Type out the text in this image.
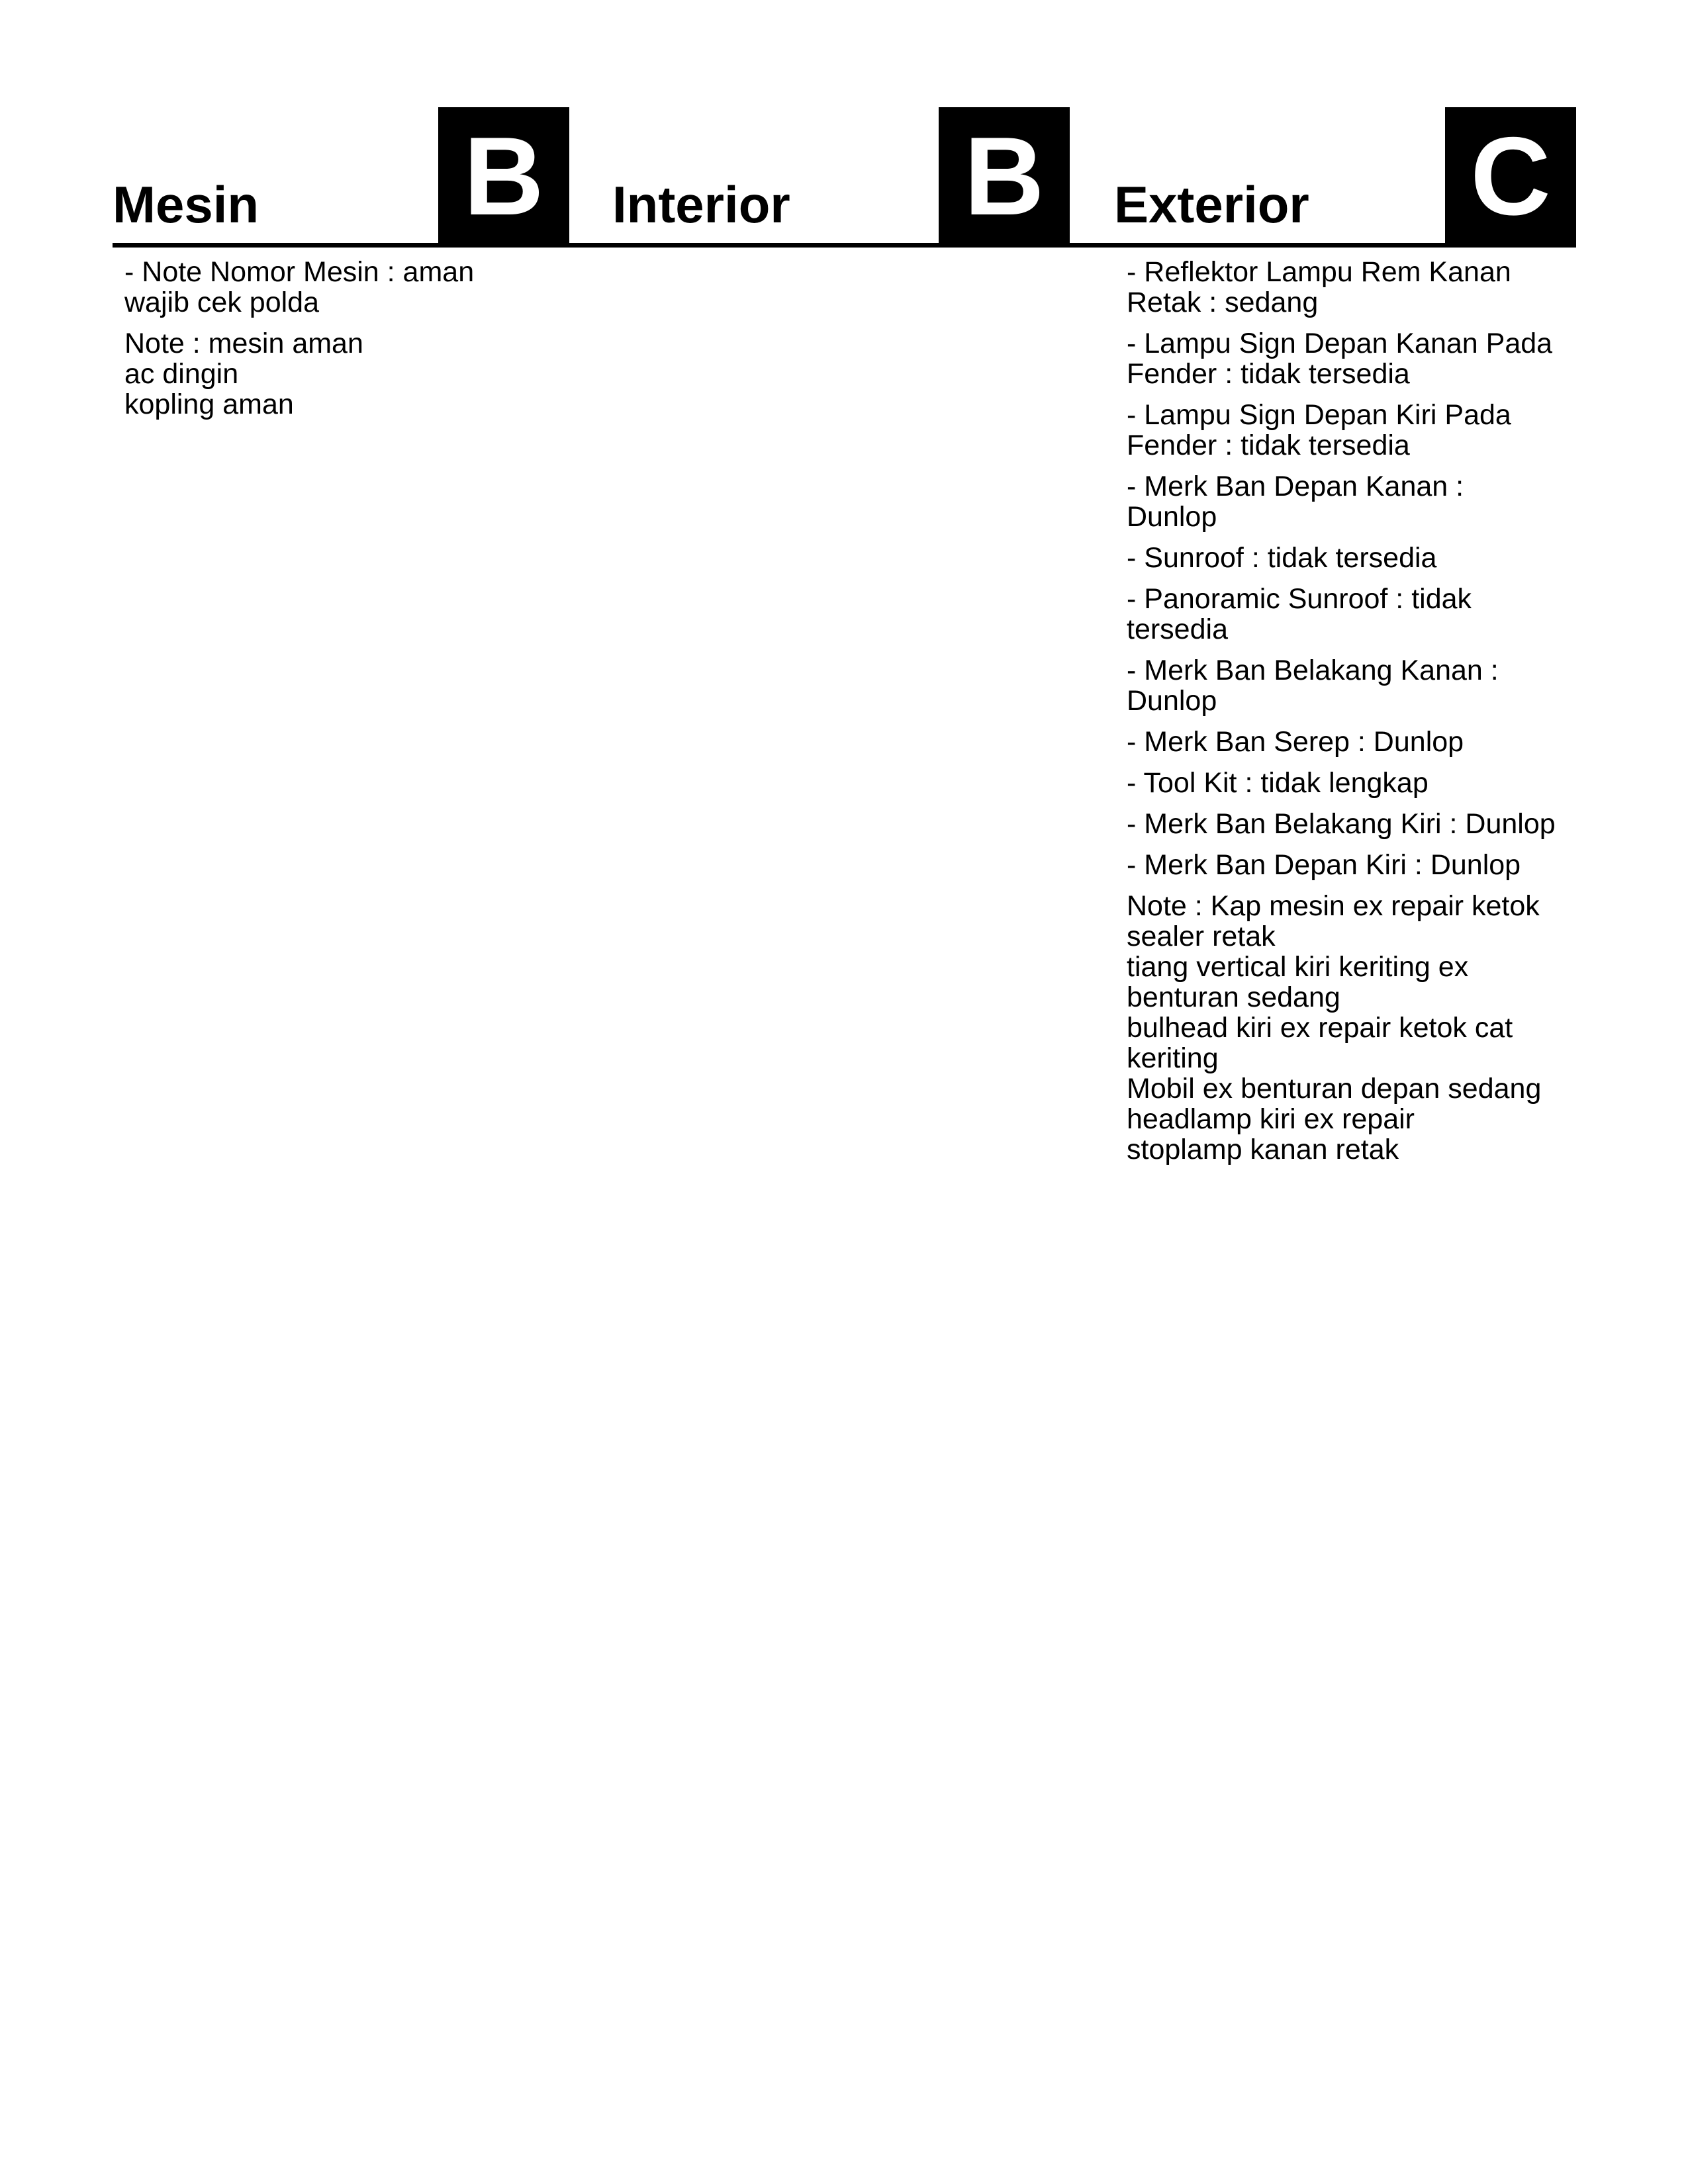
Mesin B	Interior B	Exterior C
- Note Nomor Mesin : aman wajib cek polda
Note : mesin aman
ac dingin
kopling aman
- Reflektor Lampu Rem Kanan Retak : sedang
- Lampu Sign Depan Kanan Pada Fender : tidak tersedia
- Lampu Sign Depan Kiri Pada Fender : tidak tersedia
- Merk Ban Depan Kanan : Dunlop
- Sunroof : tidak tersedia
- Panoramic Sunroof : tidak tersedia
- Merk Ban Belakang Kanan : Dunlop
- Merk Ban Serep : Dunlop
- Tool Kit : tidak lengkap
- Merk Ban Belakang Kiri : Dunlop
- Merk Ban Depan Kiri : Dunlop
Note : Kap mesin ex repair ketok sealer retak
tiang vertical kiri keriting ex benturan sedang
bulhead kiri ex repair ketok cat keriting
Mobil ex benturan depan sedang
headlamp kiri ex repair
stoplamp kanan retak
